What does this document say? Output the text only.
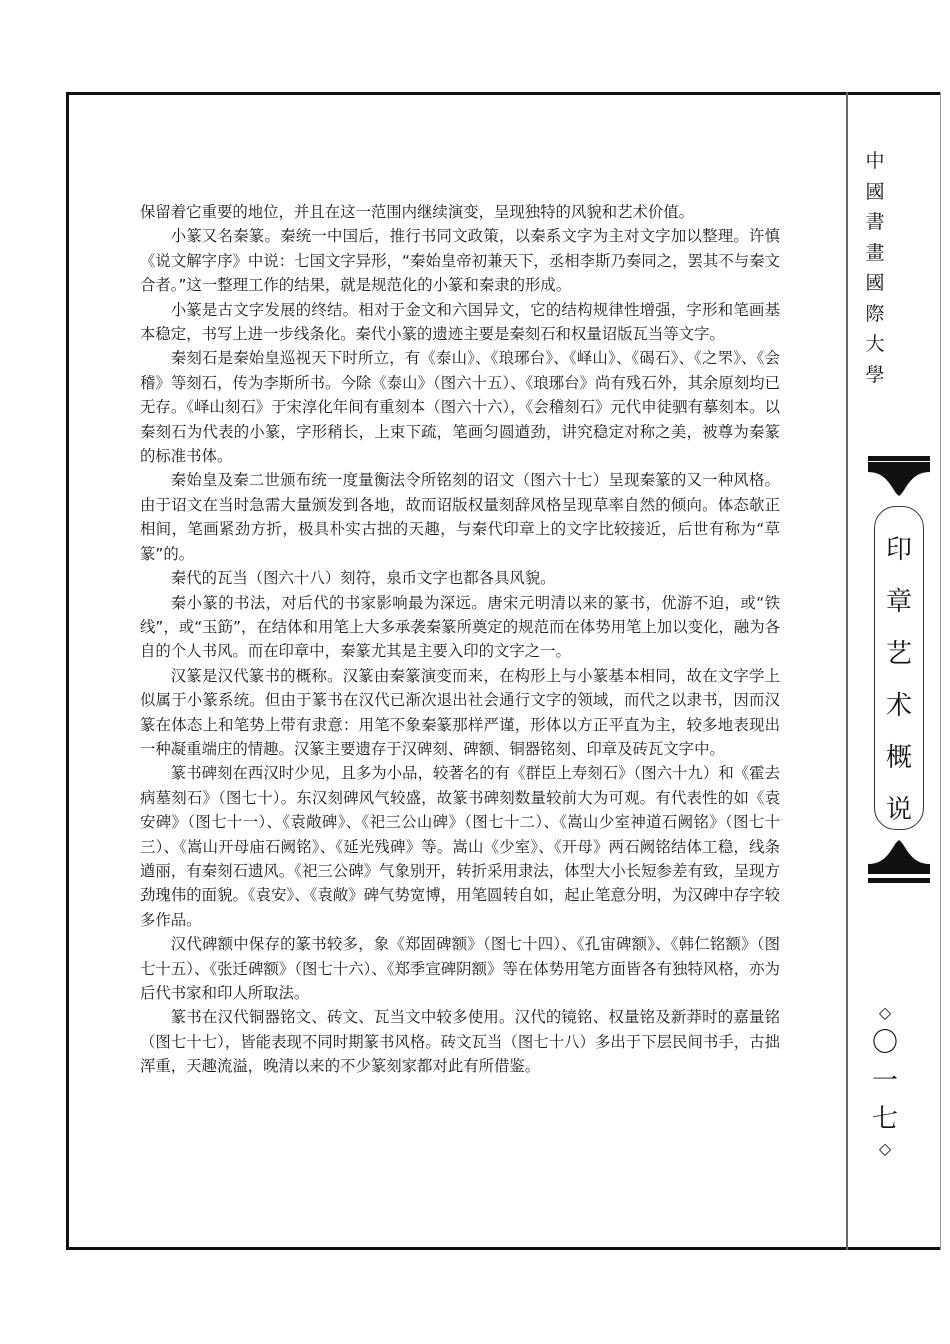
中
國
書
畫
國
際
大
學
印
章
艺
术
概
说
◇
〇
一
七
◇

保留着它重要的地位，并且在这一范围内继续演变，呈现独特的风貌和艺术价值。

小篆又名秦篆。秦统一中国后，推行书同文政策，以秦系文字为主对文字加以整理。许慎《说文解字序》中说：七国文字异形，“秦始皇帝初兼天下，丞相李斯乃奏同之，罢其不与秦文合者。”这一整理工作的结果，就是规范化的小篆和秦隶的形成。

小篆是古文字发展的终结。相对于金文和六国异文，它的结构规律性增强，字形和笔画基本稳定，书写上进一步线条化。秦代小篆的遗迹主要是秦刻石和权量诏版瓦当等文字。

秦刻石是秦始皇巡视天下时所立，有《泰山》、《琅琊台》、《峄山》、《碣石》、《之罘》、《会稽》等刻石，传为李斯所书。今除《泰山》（图六十五）、《琅琊台》尚有残石外，其余原刻均已无存。《峄山刻石》于宋淳化年间有重刻本（图六十六），《会稽刻石》元代申徒驷有摹刻本。以秦刻石为代表的小篆，字形稍长，上束下疏，笔画匀圆遒劲，讲究稳定对称之美，被尊为秦篆的标准书体。

秦始皇及秦二世颁布统一度量衡法令所铭刻的诏文（图六十七）呈现秦篆的又一种风格。由于诏文在当时急需大量颁发到各地，故而诏版权量刻辞风格呈现草率自然的倾向。体态欹正相间，笔画紧劲方折，极具朴实古拙的天趣，与秦代印章上的文字比较接近，后世有称为“草篆”的。

秦代的瓦当（图六十八）刻符，泉币文字也都各具风貌。

秦小篆的书法，对后代的书家影响最为深远。唐宋元明清以来的篆书，优游不迫，或“铁线”，或“玉筯”，在结体和用笔上大多承袭秦篆所奠定的规范而在体势用笔上加以变化，融为各自的个人书风。而在印章中，秦篆尤其是主要入印的文字之一。

汉篆是汉代篆书的概称。汉篆由秦篆演变而来，在构形上与小篆基本相同，故在文字学上似属于小篆系统。但由于篆书在汉代已渐次退出社会通行文字的领域，而代之以隶书，因而汉篆在体态上和笔势上带有隶意：用笔不象秦篆那样严谨，形体以方正平直为主，较多地表现出一种凝重端庄的情趣。汉篆主要遗存于汉碑刻、碑额、铜器铭刻、印章及砖瓦文字中。

篆书碑刻在西汉时少见，且多为小品，较著名的有《群臣上寿刻石》（图六十九）和《霍去病墓刻石》（图七十）。东汉刻碑风气较盛，故篆书碑刻数量较前大为可观。有代表性的如《袁安碑》（图七十一）、《袁敞碑》、《祀三公山碑》（图七十二）、《嵩山少室神道石阙铭》（图七十三）、《嵩山开母庙石阙铭》、《延光残碑》等。嵩山《少室》、《开母》两石阙铭结体工稳，线条遒丽，有秦刻石遗风。《祀三公碑》气象别开，转折采用隶法，体型大小长短参差有致，呈现方劲瑰伟的面貌。《袁安》、《袁敞》碑气势宽博，用笔圆转自如，起止笔意分明，为汉碑中存字较多作品。

汉代碑额中保存的篆书较多，象《郑固碑额》（图七十四）、《孔宙碑额》、《韩仁铭额》（图七十五）、《张迁碑额》（图七十六）、《郑季宣碑阴额》等在体势用笔方面皆各有独特风格，亦为后代书家和印人所取法。

篆书在汉代铜器铭文、砖文、瓦当文中较多使用。汉代的镜铭、权量铭及新莽时的嘉量铭（图七十七），皆能表现不同时期篆书风格。砖文瓦当（图七十八）多出于下层民间书手，古拙浑重，天趣流溢，晚清以来的不少篆刻家都对此有所借鉴。
